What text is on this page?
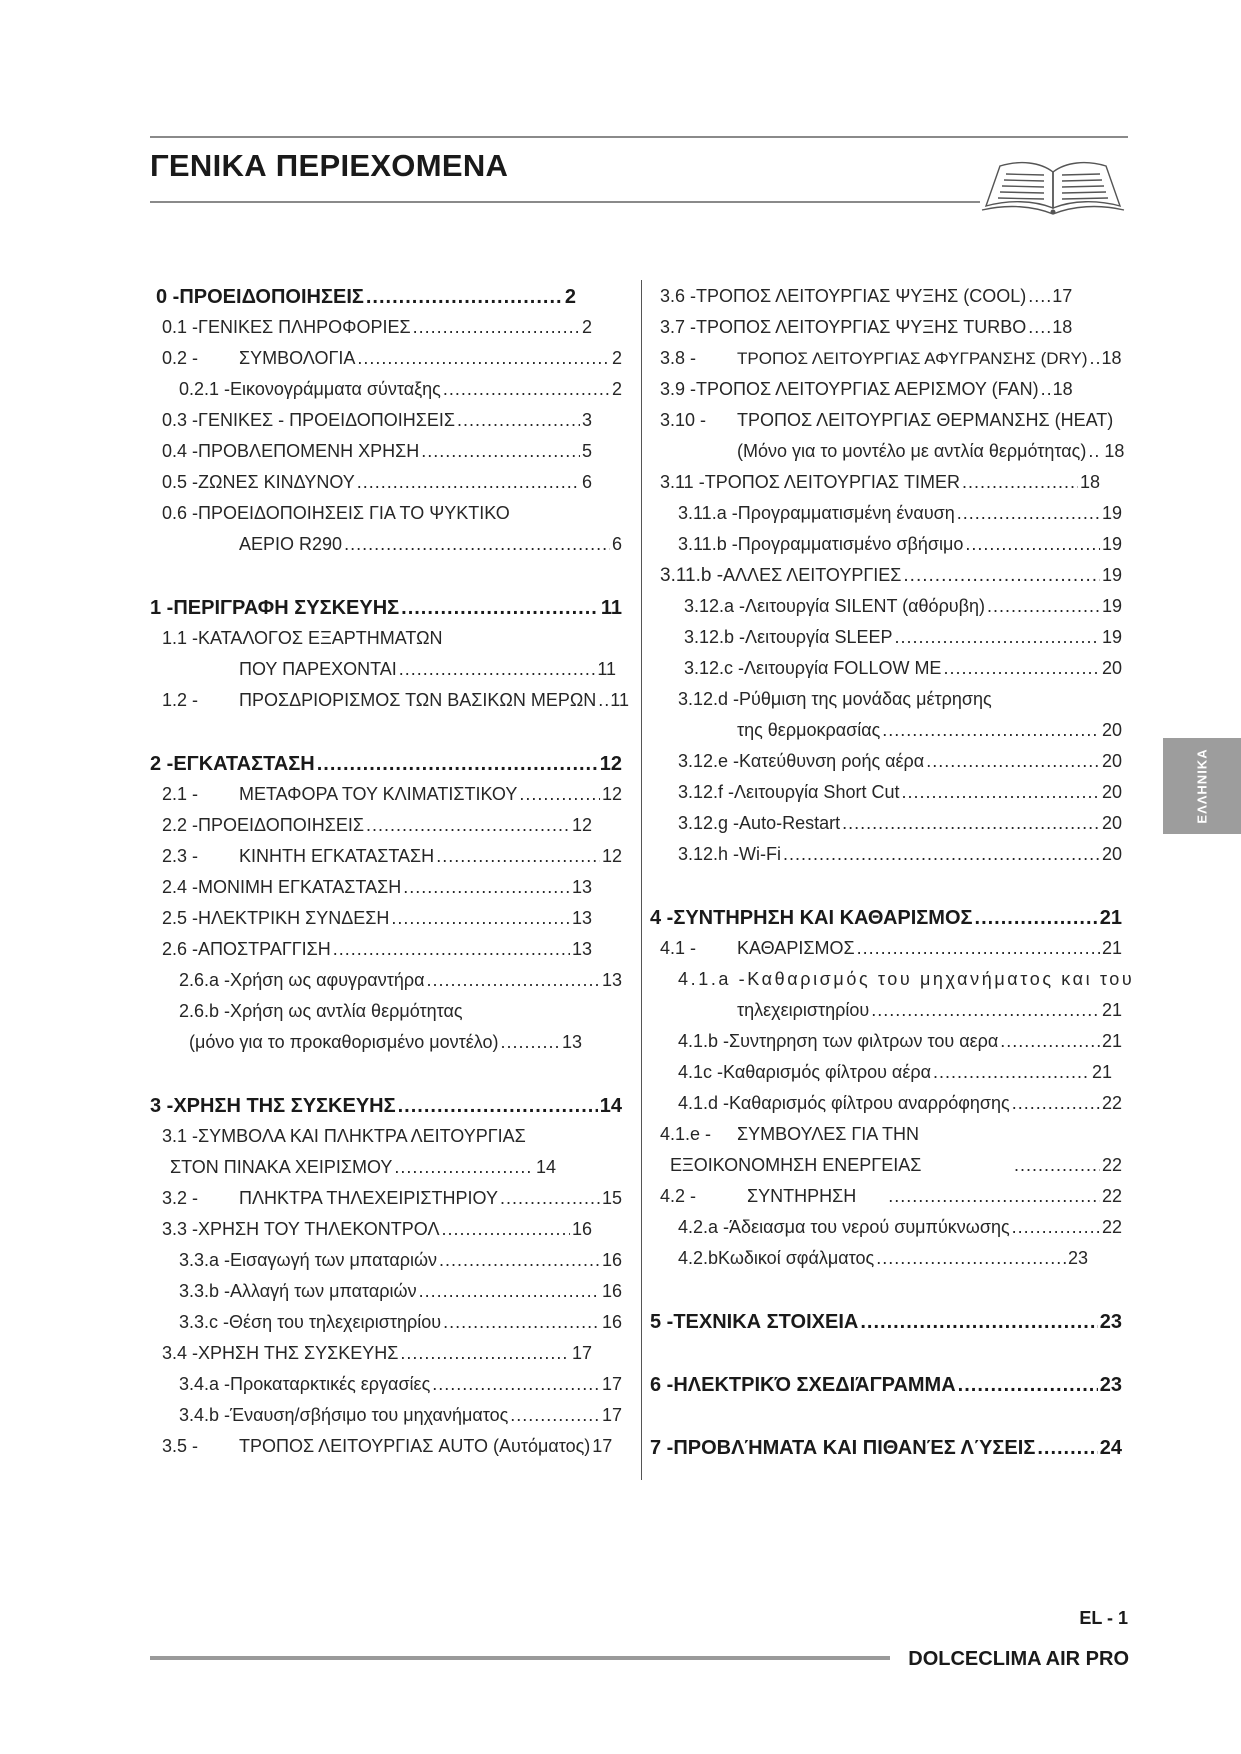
ΓΕΝΙΚΑ ΠΕΡΙΕΧΟΜΕΝΑ
0 - ΠΡΟΕΙΔΟΠΟΙΗΣΕΙΣ .....	2
0.1 - ΓΕΝΙΚΕΣ ΠΛΗΡΟΦΟΡΙΕΣ .....	2
0.2 -	ΣΥΜΒΟΛΟΓΙΑ .....	2
0.2.1 - Εικονογράμματα σύνταξης .....	2
0.3 - ΓΕΝΙΚΕΣ - ΠΡΟΕΙΔΟΠΟΙΗΣΕΙΣ .....	3
0.4 - ΠΡΟΒΛΕΠΟΜΕΝΗ ΧΡΗΣΗ .....	5
0.5 - ΖΩΝΕΣ ΚΙΝΔΥΝΟΥ .....	6
0.6 - ΠΡΟΕΙΔΟΠΟΙΗΣΕΙΣ ΓΙΑ ΤΟ ΨΥΚΤΙΚΟ
ΑΕΡΙΟ R290 .....	6
1 - ΠΕΡΙΓΡΑΦΗ ΣΥΣΚΕΥΗΣ .....	11
1.1 - ΚΑΤΑΛΟΓΟΣ ΕΞΑΡΤΗΜΑΤΩΝ
ΠΟΥ ΠΑΡΕΧΟΝΤΑΙ .....	11
1.2 -	ΠΡΟΣΔΡΙΟΡΙΣΜΟΣ ΤΩΝ ΒΑΣΙΚΩΝ ΜΕΡΩΝ ..... 11
2 - ΕΓΚΑΤΑΣΤΑΣΗ .....	12
2.1 -	ΜΕΤΑΦΟΡΑ ΤΟΥ ΚΛΙΜΑΤΙΣΤΙΚΟΥ .....	12
2.2 - ΠΡΟΕΙΔΟΠΟΙΗΣΕΙΣ .....	12
2.3 -	ΚΙΝΗΤΗ ΕΓΚΑΤΑΣΤΑΣΗ .....	12
2.4 - ΜΟΝΙΜΗ ΕΓΚΑΤΑΣΤΑΣΗ .....	13
2.5 - ΗΛΕΚΤΡΙΚΗ ΣΥΝΔΕΣΗ .....	13
2.6 - ΑΠΟΣΤΡΑΓΓΙΣΗ .....	13
2.6.a - Χρήση ως αφυγραντήρα .....	13
2.6.b - Χρήση ως αντλία θερμότητας
(μόνο για το προκαθορισμένο μοντέλο) .....	13
3 - ΧΡΗΣΗ ΤΗΣ ΣΥΣΚΕΥΗΣ .....	14
3.1 - ΣΥΜΒΟΛΑ ΚΑΙ ΠΛΗΚΤΡΑ ΛΕΙΤΟΥΡΓΙΑΣ
ΣΤΟΝ ΠΙΝΑΚΑ ΧΕΙΡΙΣΜΟΥ .....	14
3.2 -	ΠΛΗΚΤΡΑ ΤΗΛΕΧΕΙΡΙΣΤΗΡΙΟΥ .....	15
3.3 - ΧΡΗΣΗ ΤΟΥ ΤΗΛΕΚΟΝΤΡΟΛ .....	16
3.3.a - Εισαγωγή των μπαταριών .....	16
3.3.b - Αλλαγή των μπαταριών .....	16
3.3.c - Θέση του τηλεχειριστηρίου .....	16
3.4 - ΧΡΗΣΗ ΤΗΣ ΣΥΣΚΕΥΗΣ .....	17
3.4.a - Προκαταρκτικές εργασίες .....	17
3.4.b - Έναυση/σβήσιμο του μηχανήματος .....	17
3.5 -	ΤΡΟΠΟΣ ΛΕΙΤΟΥΡΓΙΑΣ AUTO (Αυτόματος) 17
3.6 - ΤΡΟΠΟΣ ΛΕΙΤΟΥΡΓΙΑΣ ΨΥΞΗΣ (COOL) ..... 17
3.7 - ΤΡΟΠΟΣ ΛΕΙΤΟΥΡΓΙΑΣ ΨΥΞΗΣ TURBO ..... 18
3.8 -	ΤΡΟΠΟΣ ΛΕΙΤΟΥΡΓΙΑΣ ΑΦΥΓΡΑΝΣΗΣ (DRY) ..... 18
3.9 - ΤΡΟΠΟΣ ΛΕΙΤΟΥΡΓΙΑΣ ΑΕΡΙΣΜΟΥ (FAN) ..... 18
3.10 -	ΤΡΟΠΟΣ ΛΕΙΤΟΥΡΓΙΑΣ ΘΕΡΜΑΝΣΗΣ (HEAT)
(Μόνο για το μοντέλο με αντλία θερμότητας) ..... 18
3.11 - ΤΡΟΠΟΣ ΛΕΙΤΟΥΡΓΙΑΣ TIMER .....	18
3.11.a - Προγραμματισμένη έναυση .....	19
3.11.b - Προγραμματισμένο σβήσιμο .....	19
3.11.b - ΑΛΛΕΣ ΛΕΙΤΟΥΡΓΙΕΣ .....	19
3.12.a - Λειτουργία SILENT (αθόρυβη) .....	19
3.12.b - Λειτουργία SLEEP .....	19
3.12.c - Λειτουργία FOLLOW ME .....	20
3.12.d - Ρύθμιση της μονάδας μέτρησης
της θερμοκρασίας .....	20
3.12.e - Κατεύθυνση ροής αέρα .....	20
3.12.f - Λειτουργία Short Cut .....	20
3.12.g - Auto-Restart .....	20
3.12.h - Wi-Fi .....	20
4 - ΣΥΝΤΗΡΗΣΗ ΚΑΙ ΚΑΘΑΡΙΣΜΟΣ .....	21
4.1 -	ΚΑΘΑΡΙΣΜΟΣ .....	21
4.1.a - Καθαρισμός του μηχανήματος και του
τηλεχειριστηρίου .....	21
4.1.b - Συντηρηση των φιλτρων του αερα .....	21
4.1c - Καθαρισμός φίλτρου αέρα .....	21
4.1.d - Καθαρισμός φίλτρου αναρρόφησης .....	22
4.1.e -	ΣΥΜΒΟΥΛΕΣ ΓΙΑ ΤΗΝ
ΕΞΟΙΚΟΝΟΜΗΣΗ ΕΝΕΡΓΕΙΑΣ .....	22
4.2 -	ΣΥΝΤΗΡΗΣΗ .....	22
4.2.a - Άδειασμα του νερού συμπύκνωσης .....	22
4.2.b Κωδικοί σφάλματος .....	23
5 - ΤΕΧΝΙΚΑ ΣΤΟΙΧΕΙΑ .....	23
6 - ΗΛΕΚΤΡΙΚΌ ΣΧΕΔΙΆΓΡΑΜΜΑ .....	23
7 - ΠΡΟΒΛΉΜΑΤΑ ΚΑΙ ΠΙΘΑΝΈΣ ΛΎΣΕΙΣ .....	24
ΕΛΛΗΝΙΚΑ
EL - 1
DOLCECLIMA AIR PRO
